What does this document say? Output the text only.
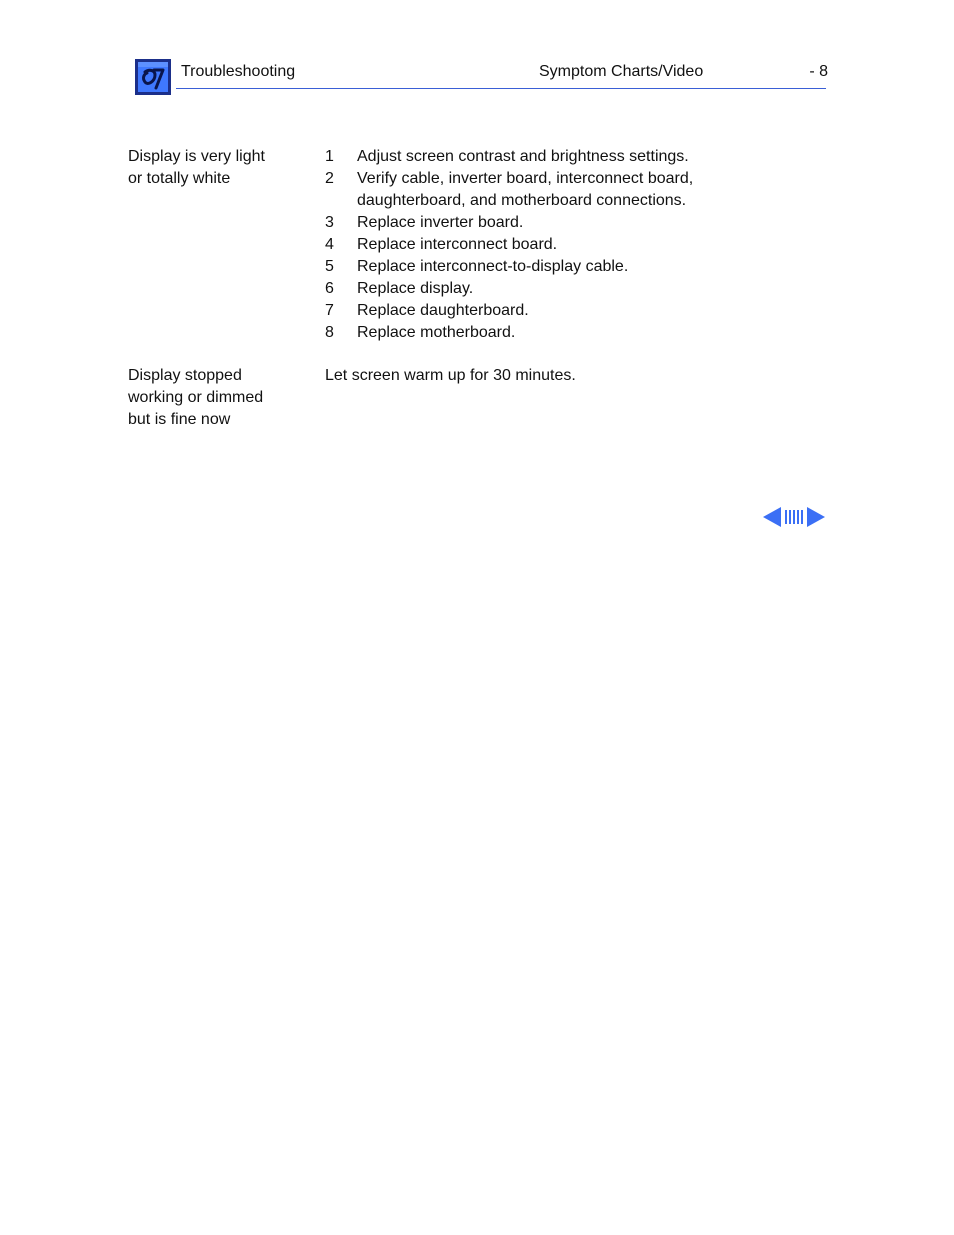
Troubleshooting	Symptom Charts/Video	- 8
Display is very light
or totally white
1 Adjust screen contrast and brightness settings.
2 Verify cable, inverter board, interconnect board, daughterboard, and motherboard connections.
3 Replace inverter board.
4 Replace interconnect board.
5 Replace interconnect-to-display cable.
6 Replace display.
7 Replace daughterboard.
8 Replace motherboard.
Display stopped
working or dimmed
but is fine now
Let screen warm up for 30 minutes.
